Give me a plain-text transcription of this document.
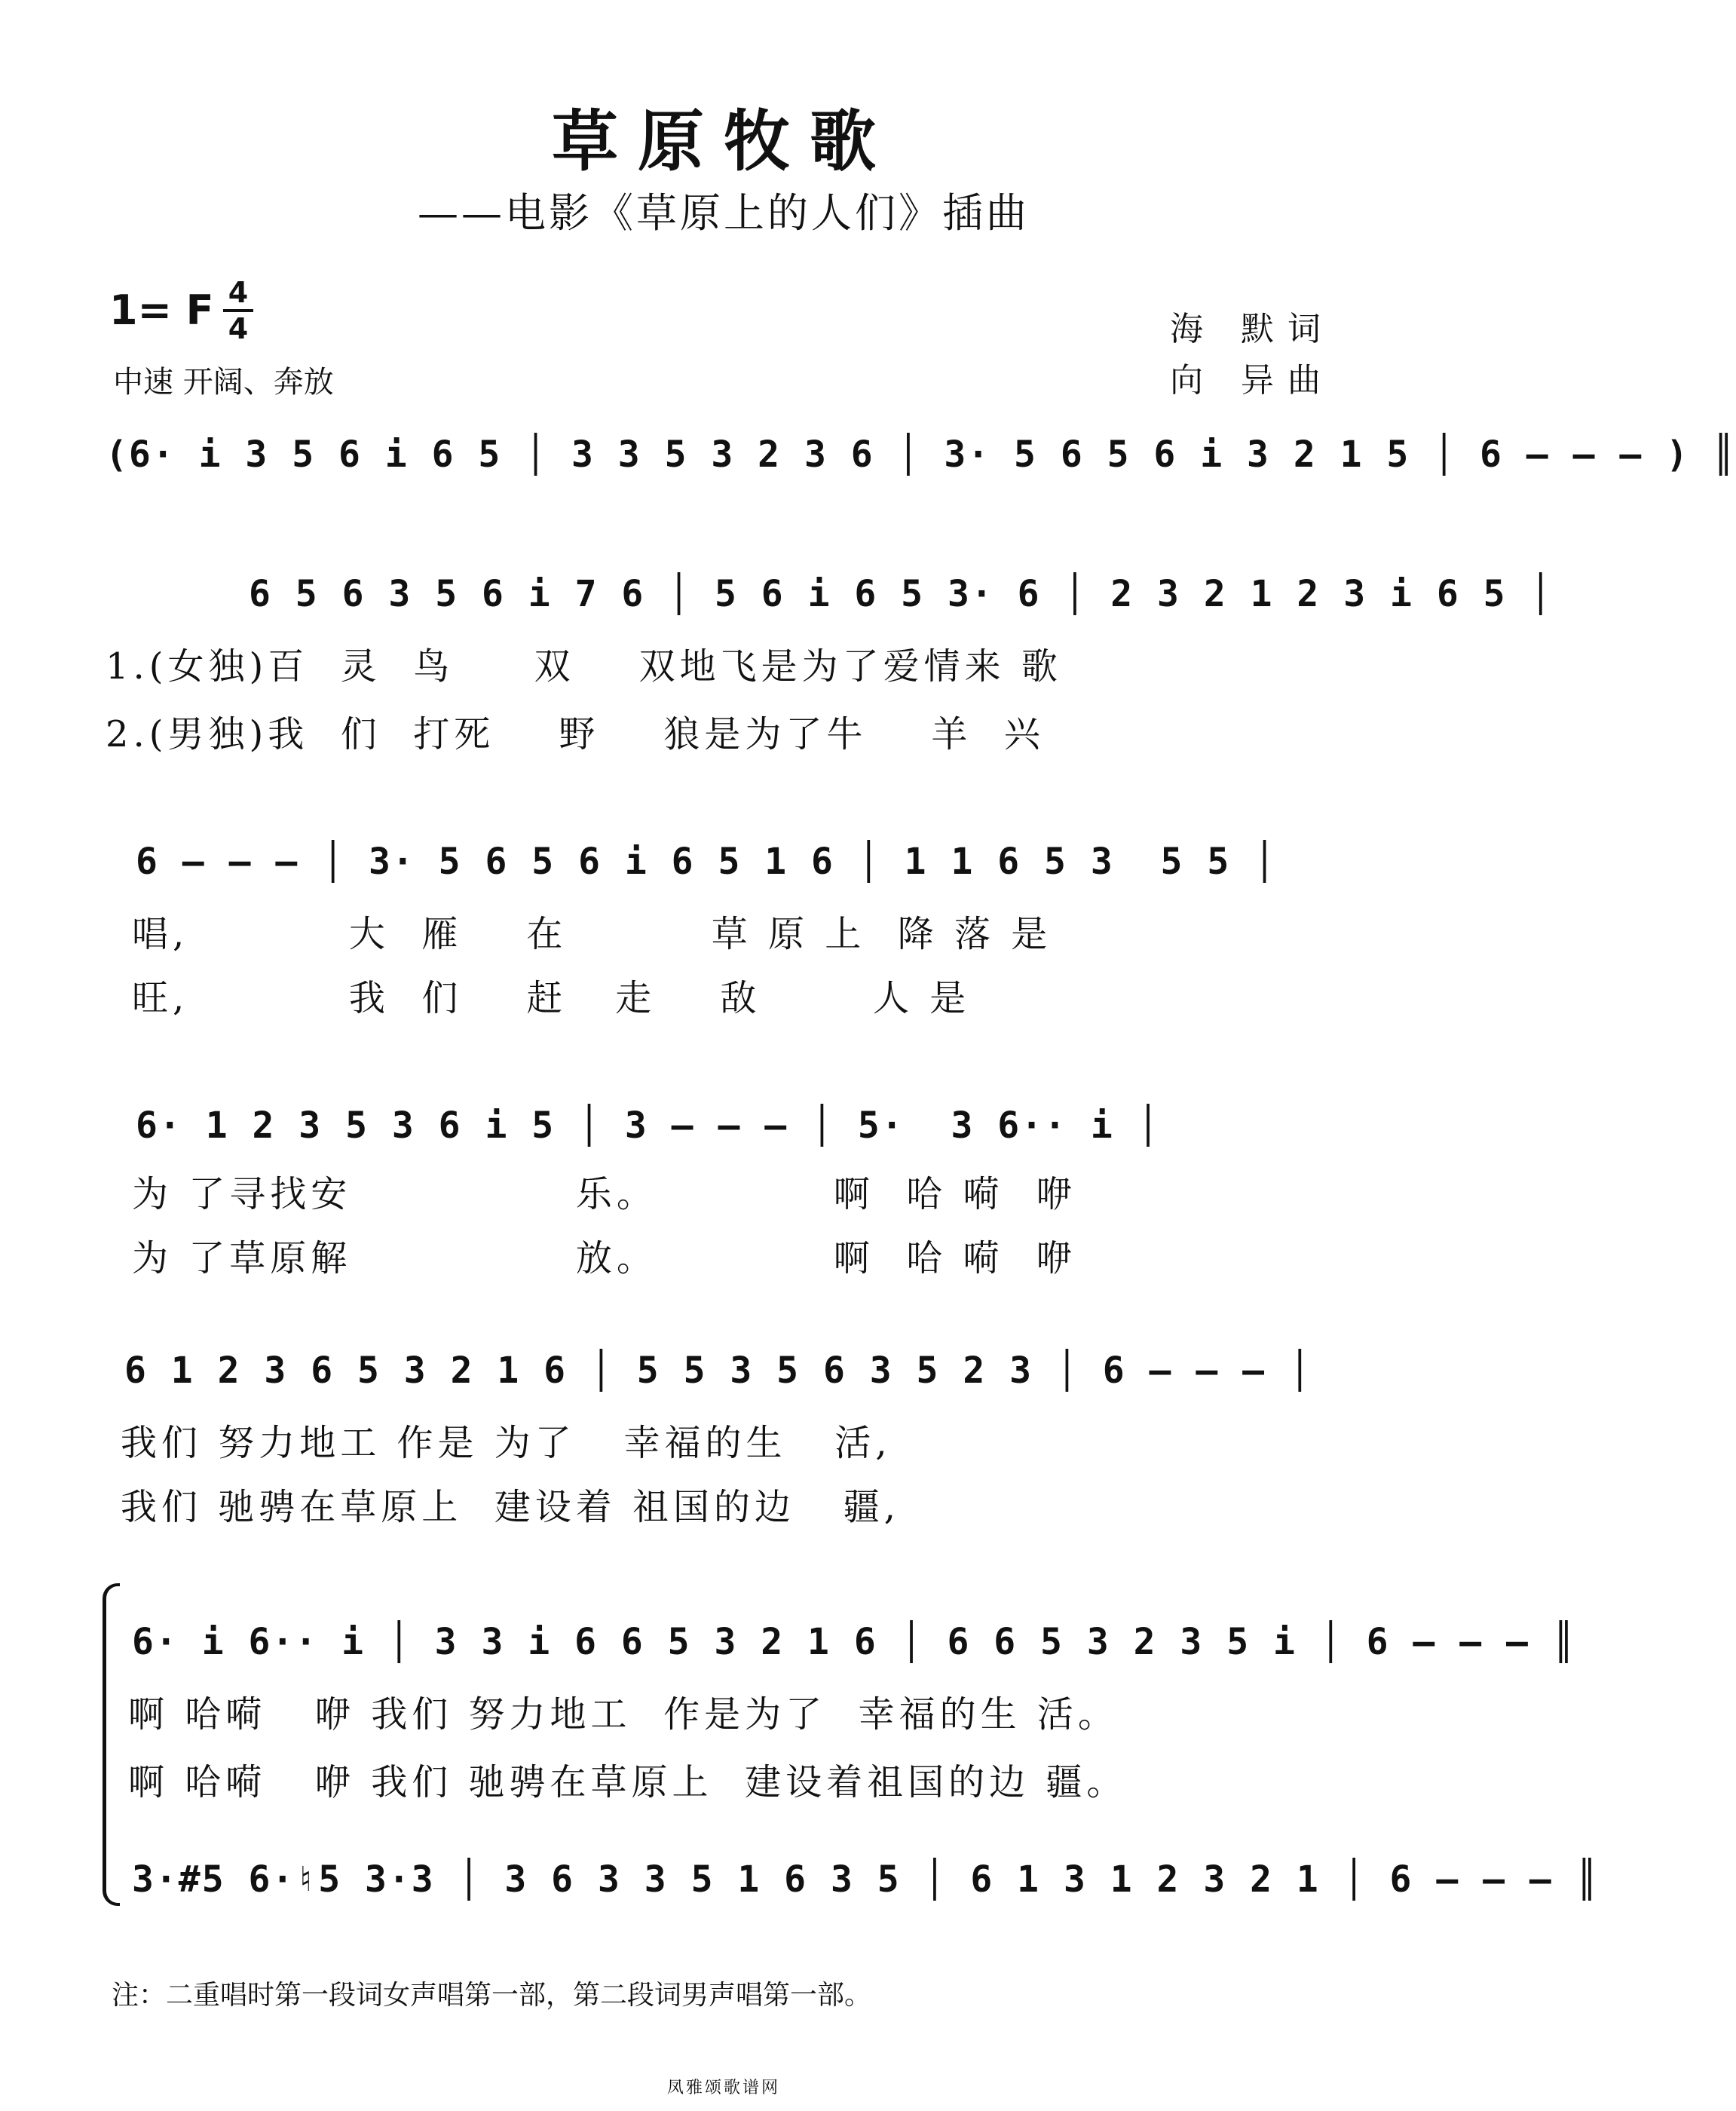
草原牧歌
——电影《草原上的人们》插曲
1= F 4
4
中速 开阔、奔放
海 默词
向 异曲
(6· i 3 5 6 i 6 5 │ 3 3 5 3 2 3 6 │ 3· 5 6 5 6 i 3 2 1 5 │ 6 – – – ) ║
6 5 6 3 5 6 i 7 6 │ 5 6 i 6 5 3· 6 │ 2 3 2 1 2 3 i 6 5 │
1.(女独)百  灵  鸟     双    双地飞是为了爱情来 歌
2.(男独)我  们  打死    野    狼是为了牛    羊  兴
6 – – – │ 3· 5 6 5 6 i 6 5 1 6 │ 1 1 6 5 3  5 5 │
唱,          大  雁    在         草 原 上  降 落 是
旺,          我  们    赶   走    敌       人 是
6· 1 2 3 5 3 6 i 5 │ 3 – – – │ 5·  3 6·· i │
为 了寻找安              乐。           啊  哈 嗬  咿
为 了草原解              放。           啊  哈 嗬  咿
6 1 2 3 6 5 3 2 1 6 │ 5 5 3 5 6 3 5 2 3 │ 6 – – – │
我们 努力地工 作是 为了   幸福的生   活,
我们 驰骋在草原上  建设着 祖国的边   疆,
6· i 6·· i │ 3 3 i 6 6 5 3 2 1 6 │ 6 6 5 3 2 3 5 i │ 6 – – – ║
啊 哈嗬   咿 我们 努力地工  作是为了  幸福的生 活。
啊 哈嗬   咿 我们 驰骋在草原上  建设着祖国的边 疆。
3·#5 6·♮5 3·3 │ 3 6 3 3 5 1 6 3 5 │ 6 1 3 1 2 3 2 1 │ 6 – – – ║
注：二重唱时第一段词女声唱第一部，第二段词男声唱第一部。
凤雅颂歌谱网
